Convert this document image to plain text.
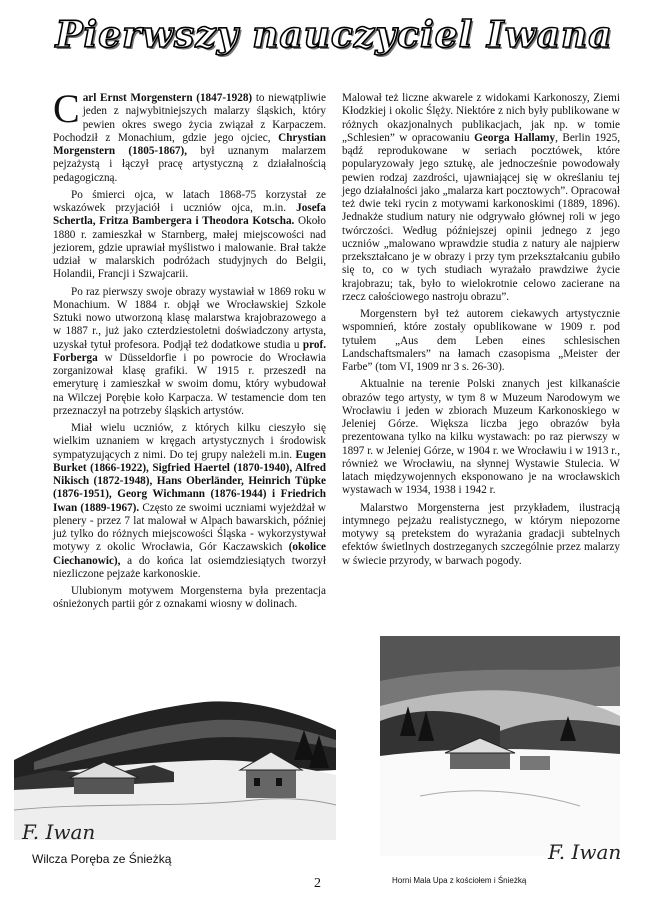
Pierwszy nauczyciel Iwana

Carl Ernst Morgenstern (1847-1928) to niewątpliwie jeden z najwybitniejszych malarzy śląskich, który pewien okres swego życia związał z Karpaczem. Pochodził z Monachium, gdzie jego ojciec, Chrystian Morgenstern (1805-1867), był uznanym malarzem pejzażystą i łączył pracę artystyczną z działalnością pedagogiczną.

Po śmierci ojca, w latach 1868-75 korzystał ze wskazówek przyjaciół i uczniów ojca, m.in. Josefa Schertla, Fritza Bambergera i Theodora Kotscha. Około 1880 r. zamieszkał w Starnberg, małej miejscowości nad jeziorem, gdzie uprawiał myślistwo i malowanie. Brał także udział w malarskich podróżach studyjnych do Belgii, Holandii, Francji i Szwajcarii.

Po raz pierwszy swoje obrazy wystawiał w 1869 roku w Monachium. W 1884 r. objął we Wrocławskiej Szkole Sztuki nowo utworzoną klasę malarstwa krajobrazowego a w 1887 r., już jako czterdziestoletni doświadczony artysta, uzyskał tytuł profesora. Podjął też dodatkowe studia u prof. Forberga w Düsseldorfie i po powrocie do Wrocławia zorganizował klasę grafiki. W 1915 r. przeszedł na emeryturę i zamieszkał w swoim domu, który wybudował na Wilczej Porębie koło Karpacza. W testamencie dom ten przeznaczył na potrzeby śląskich artystów.

Miał wielu uczniów, z których kilku cieszyło się wielkim uznaniem w kręgach artystycznych i środowisk sympatyzujących z nimi. Do tej grupy należeli m.in. Eugen Burket (1866-1922), Sigfried Haertel (1870-1940), Alfred Nikisch (1872-1948), Hans Oberländer, Heinrich Tüpke (1876-1951), Georg Wichmann (1876-1944) i Friedrich Iwan (1889-1967). Często ze swoimi uczniami wyjeżdżał w plenery - przez 7 lat malował w Alpach bawarskich, później już tylko do różnych miejscowości Śląska - wykorzystywał motywy z okolic Wrocławia, Gór Kaczawskich (okolice Ciechanowic), a do końca lat osiemdziesiątych tworzył niezliczone pejzaże karkonoskie.

Ulubionym motywem Morgensterna była prezentacja ośnieżonych partii gór z oznakami wiosny w dolinach.

Malował też liczne akwarele z widokami Karkonoszy, Ziemi Kłodzkiej i okolic Ślęży. Niektóre z nich były publikowane w różnych okazjonalnych publikacjach, jak np. w tomie „Schlesien” w opracowaniu Georga Hallamy, Berlin 1925, bądź reprodukowane w seriach pocztówek, które popularyzowały jego sztukę, ale jednocześnie powodowały pewien rodzaj zazdrości, ujawniającej się w określaniu tej jego działalności jako „malarza kart pocztowych”. Opracował też dwie teki rycin z motywami karkonoskimi (1889, 1896). Jednakże studium natury nie odgrywało głównej roli w jego twórczości. Według późniejszej opinii jednego z jego uczniów „malowano wprawdzie studia z natury ale najpierw przekształcano je w obrazy i przy tym przekształcaniu gubiło się to, co w tych studiach wyrażało prawdziwe życie krajobrazu; tak, było to wielokrotnie celowo zacierane na rzecz całościowego nastroju obrazu”.

Morgenstern był też autorem ciekawych artystycznie wspomnień, które zostały opublikowane w 1909 r. pod tytułem „Aus dem Leben eines schlesischen Landschaftsmalers” na łamach czasopisma „Meister der Farbe” (tom VI, 1909 nr 3 s. 26-30).

Aktualnie na terenie Polski znanych jest kilkanaście obrazów tego artysty, w tym 8 w Muzeum Narodowym we Wrocławiu i jeden w zbiorach Muzeum Karkonoskiego w Jeleniej Górze. Większa liczba jego obrazów była prezentowana tylko na kilku wystawach: po raz pierwszy w 1897 r. w Jeleniej Górze, w 1904 r. we Wrocławiu i w 1913 r., również we Wrocławiu, na słynnej Wystawie Stulecia. W latach międzywojennych eksponowano je na wrocławskich wystawach w 1934, 1938 i 1942 r.

Malarstwo Morgensterna jest przykładem, ilustracją intymnego pejzażu realistycznego, w którym niepozorne motywy są pretekstem do wyrażania gradacji subtelnych efektów świetlnych dostrzeganych szczególnie przez malarzy w świecie przyrody, w barwach pogody.

F. Iwan
Wilcza Poręba ze Śnieżką	F. Iwan
Horni Mala Upa z kościołem i Śnieżką
2
